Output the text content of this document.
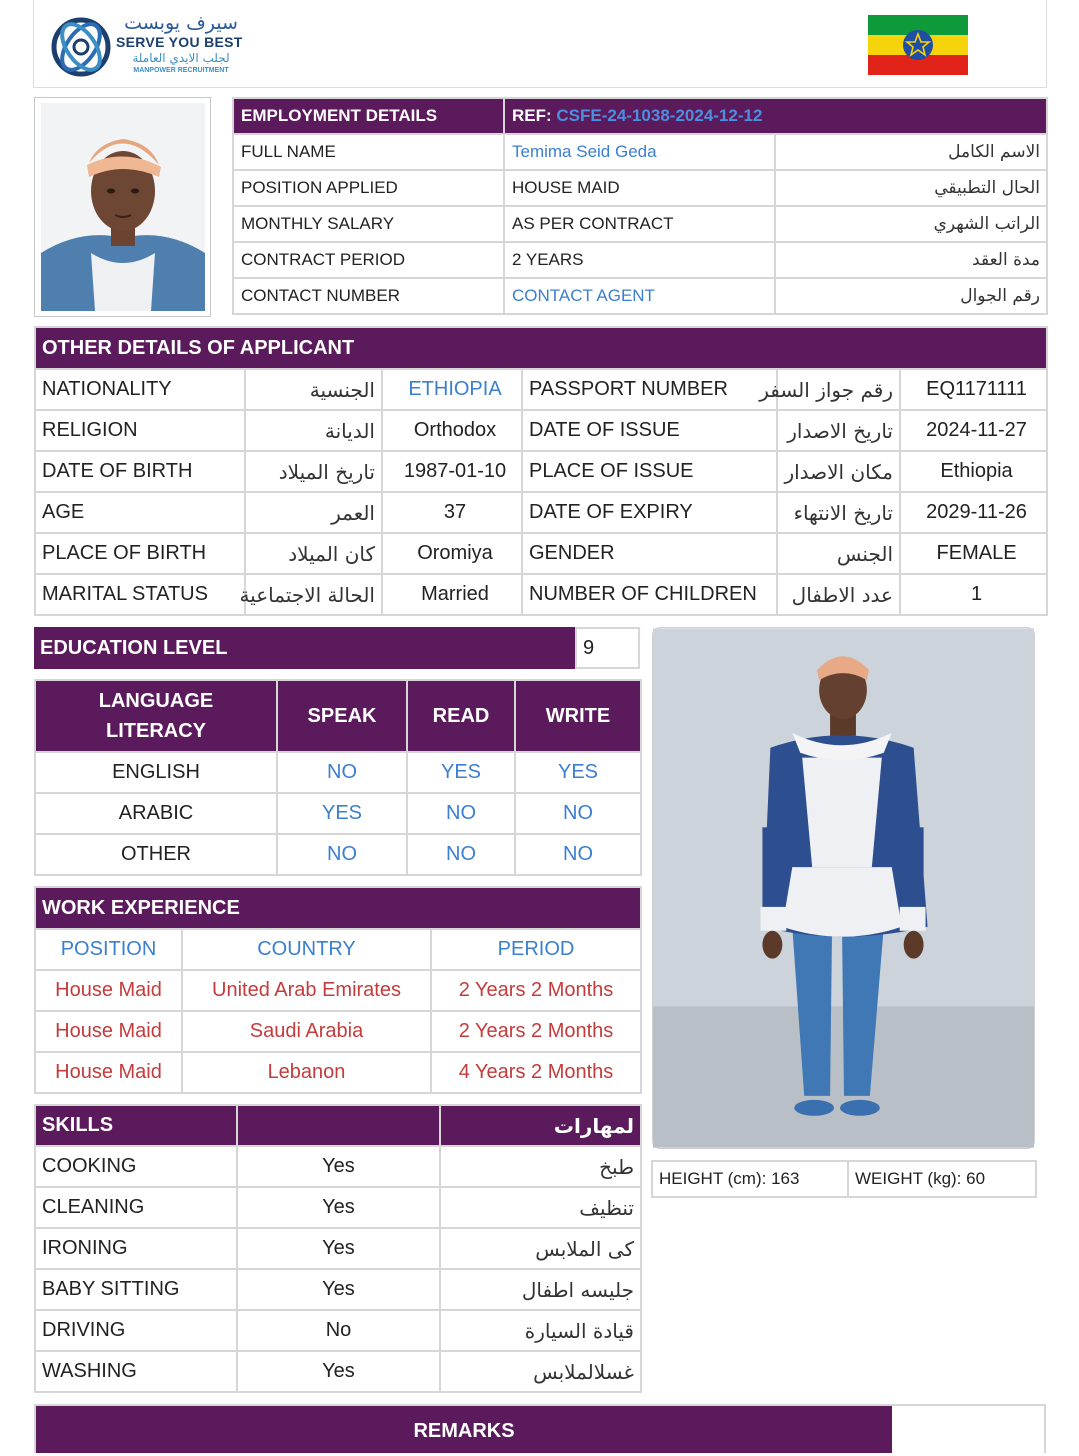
سيرف يوبست
SERVE YOU BEST
لجلب الايدي العاملة
MANPOWER RECRUITMENT
EMPLOYMENT DETAILS	REF: CSFE-24-1038-2024-12-12	
FULL NAME	Temima Seid Geda	الاسم الكامل
POSITION APPLIED	HOUSE MAID	الحال التطبيقي
MONTHLY SALARY	AS PER CONTRACT	الراتب الشهري
CONTRACT PERIOD	2 YEARS	مدة العقد
CONTACT NUMBER	CONTACT AGENT	رقم الجوال
OTHER DETAILS OF APPLICANT					
NATIONALITY	الجنسية	ETHIOPIA	PASSPORT NUMBER	رقم جواز السفر	EQ1171111
RELIGION	الديانة	Orthodox	DATE OF ISSUE	تاريخ الاصدار	2024-11-27
DATE OF BIRTH	تاريخ الميلاد	1987-01-10	PLACE OF ISSUE	مكان الاصدار	Ethiopia
AGE	العمر	37	DATE OF EXPIRY	تاريخ الانتهاء	2029-11-26
PLACE OF BIRTH	كان الميلاد	Oromiya	GENDER	الجنس	FEMALE
MARITAL STATUS	الحالة الاجتماعية	Married	NUMBER OF CHILDREN	عدد الاطفال	1
EDUCATION LEVEL	9
LANGUAGE LITERACY	SPEAK	READ	WRITE
ENGLISH	NO	YES	YES
ARABIC	YES	NO	NO
OTHER	NO	NO	NO
WORK EXPERIENCE		
POSITION	COUNTRY	PERIOD
House Maid	United Arab Emirates	2 Years 2 Months
House Maid	Saudi Arabia	2 Years 2 Months
House Maid	Lebanon	4 Years 2 Months
SKILLS		لمهارات
COOKING	Yes	طبخ
CLEANING	Yes	تنظيف
IRONING	Yes	كى الملابس
BABY SITTING	Yes	جليسه اطفال
DRIVING	No	قيادة السيارة
WASHING	Yes	غسلالملابس
HEIGHT (cm): 163	WEIGHT (kg): 60
REMARKS
